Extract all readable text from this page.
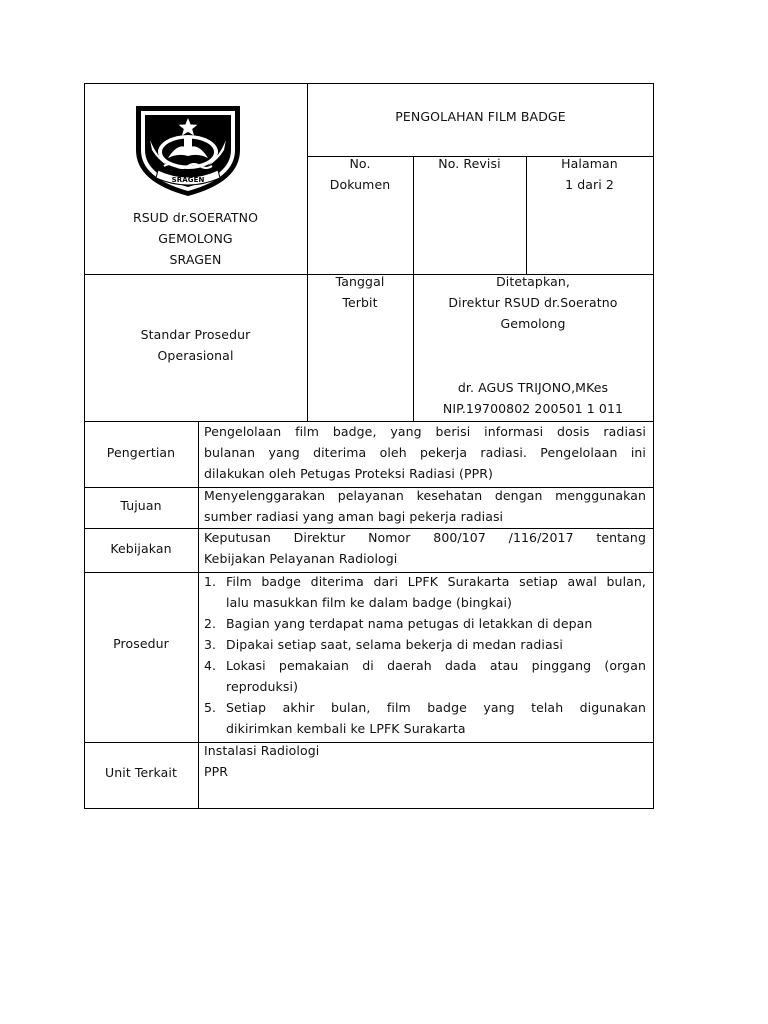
SRAGEN
RSUD dr.SOERATNO
GEMOLONG
SRAGEN
PENGOLAHAN FILM BADGE
No.
Dokumen
No. Revisi	Halaman
1 dari 2
Standar Prosedur
Operasional
Tanggal
Terbit
Ditetapkan,
Direktur RSUD dr.Soeratno
Gemolong
dr. AGUS TRIJONO,MKes
NIP.19700802 200501 1 011
Pengertian
Pengelolaan film badge, yang berisi informasi dosis radiasi
bulanan yang diterima oleh pekerja radiasi. Pengelolaan ini
dilakukan oleh Petugas Proteksi Radiasi (PPR)
Tujuan
Menyelenggarakan pelayanan kesehatan dengan menggunakan
sumber radiasi yang aman bagi pekerja radiasi
Kebijakan
Keputusan Direktur Nomor 800/107 /116/2017 tentang
Kebijakan Pelayanan Radiologi
Prosedur
1. Film badge diterima dari LPFK Surakarta setiap awal bulan,
lalu masukkan film ke dalam badge (bingkai)
2. Bagian yang terdapat nama petugas di letakkan di depan
3. Dipakai setiap saat, selama bekerja di medan radiasi
4. Lokasi pemakaian di daerah dada atau pinggang (organ
reproduksi)
5. Setiap akhir bulan, film badge yang telah digunakan
dikirimkan kembali ke LPFK Surakarta
Unit Terkait
Instalasi Radiologi
PPR
